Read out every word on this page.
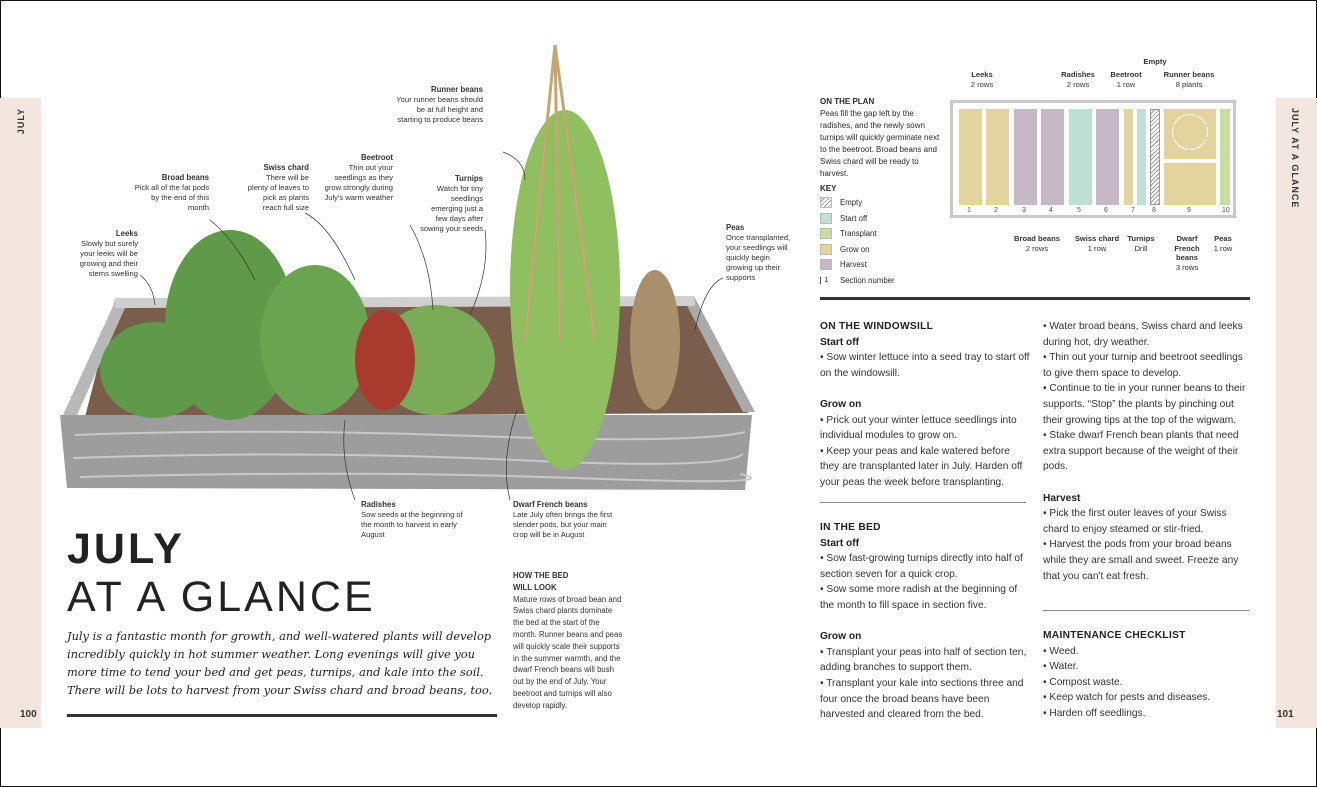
JULY	JULY AT A GLANCE
100	101
Runner beans
Your runner beans should be at full height and starting to produce beans
Beetroot
Thin out your seedlings as they grow strongly during July's warm weather
Swiss chard
There will be plenty of leaves to pick as plants reach full size
Broad beans
Pick all of the fat pods by the end of this month
Leeks
Slowly but surely your leeks will be growing and their stems swelling
Turnips
Watch for tiny seedlings emerging just a few days after sowing your seeds	Peas
Once transplanted, your seedlings will quickly begin growing up their supports
Radishes
Sow seeds at the beginning of the month to harvest in early August
Dwarf French beans
Late July often brings the first slender pods, but your main crop will be in August
JULY
AT A GLANCE
July is a fantastic month for growth, and well-watered plants will develop incredibly quickly in hot summer weather. Long evenings will give you more time to tend your bed and get peas, turnips, and kale into the soil. There will be lots to harvest from your Swiss chard and broad beans, too.
HOW THE BED WILL LOOK
Mature rows of broad bean and Swiss chard plants dominate the bed at the start of the month. Runner beans and peas will quickly scale their supports in the summer warmth, and the dwarf French beans will bush out by the end of July. Your beetroot and turnips will also develop rapidly.
ON THE PLAN
Peas fill the gap left by the radishes, and the newly sown turnips will quickly germinate next to the beetroot. Broad beans and Swiss chard will be ready to harvest.
KEY
Empty
Start off
Transplant
Grow on
Harvest
1	Section number
Leeks
2 rows
Radishes
2 rows
Beetroot
1 row
Empty
Runner beans
8 plants
1	2	3	4	5	6	7 8	9	10
Broad beans
2 rows
Swiss chard
1 row
Turnips
Drill
Dwarf French beans
3 rows
Peas
1 row
ON THE WINDOWSILL
Start off
• Sow winter lettuce into a seed tray to start off on the windowsill.
Grow on
• Prick out your winter lettuce seedlings into individual modules to grow on.
• Keep your peas and kale watered before they are transplanted later in July. Harden off your peas the week before transplanting.
IN THE BED
Start off
• Sow fast-growing turnips directly into half of section seven for a quick crop.
• Sow some more radish at the beginning of the month to fill space in section five.
Grow on
• Transplant your peas into half of section ten, adding branches to support them.
• Transplant your kale into sections three and four once the broad beans have been harvested and cleared from the bed.
• Water broad beans, Swiss chard and leeks during hot, dry weather.
• Thin out your turnip and beetroot seedlings to give them space to develop.
• Continue to tie in your runner beans to their supports. “Stop” the plants by pinching out their growing tips at the top of the wigwam.
• Stake dwarf French bean plants that need extra support because of the weight of their pods.
Harvest
• Pick the first outer leaves of your Swiss chard to enjoy steamed or stir-fried.
• Harvest the pods from your broad beans while they are small and sweet. Freeze any that you can't eat fresh.
MAINTENANCE CHECKLIST
• Weed.
• Water.
• Compost waste.
• Keep watch for pests and diseases.
• Harden off seedlings.
